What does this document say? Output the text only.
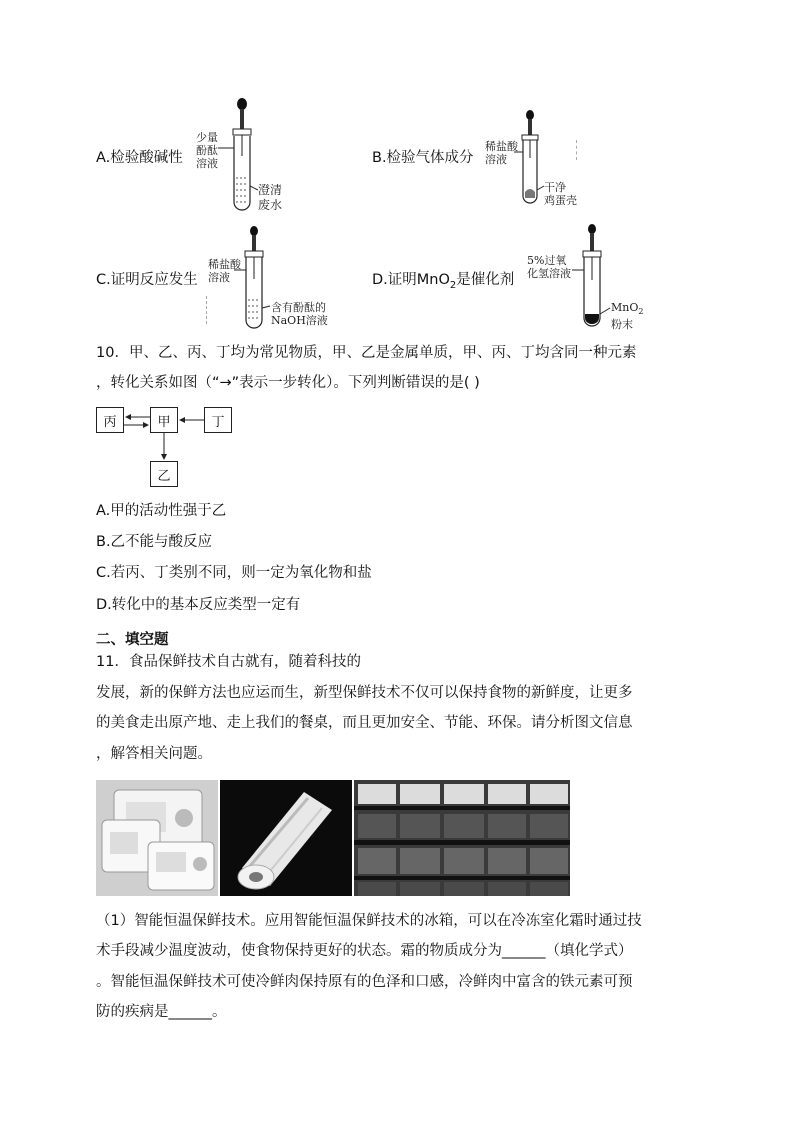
A.检验酸碱性
少量
酚酞
溶液
澄清
废水
B.检验气体成分
稀盐酸
溶液
干净
鸡蛋壳
C.证明反应发生
稀盐酸
溶液
含有酚酞的
NaOH溶液
D.证明MnO$_2$是催化剂
5%过氧
化氢溶液
MnO$_2$
粉末
10．甲、乙、丙、丁均为常见物质，甲、乙是金属单质，甲、丙、丁均含同一种元素
，转化关系如图（“→”表示一步转化）。下列判断错误的是( )
丙	甲	丁
乙
A.甲的活动性强于乙
B.乙不能与酸反应
C.若丙、丁类别不同，则一定为氧化物和盐
D.转化中的基本反应类型一定有
二、填空题
11．食品保鲜技术自古就有，随着科技的
发展，新的保鲜方法也应运而生，新型保鲜技术不仅可以保持食物的新鲜度，让更多
的美食走出原产地、走上我们的餐桌，而且更加安全、节能、环保。请分析图文信息
，解答相关问题。
（1）智能恒温保鲜技术。应用智能恒温保鲜技术的冰箱，可以在冷冻室化霜时通过技
术手段减少温度波动，使食物保持更好的状态。霜的物质成分为______（填化学式）
。智能恒温保鲜技术可使冷鲜肉保持原有的色泽和口感，冷鲜肉中富含的铁元素可预
防的疾病是______。
